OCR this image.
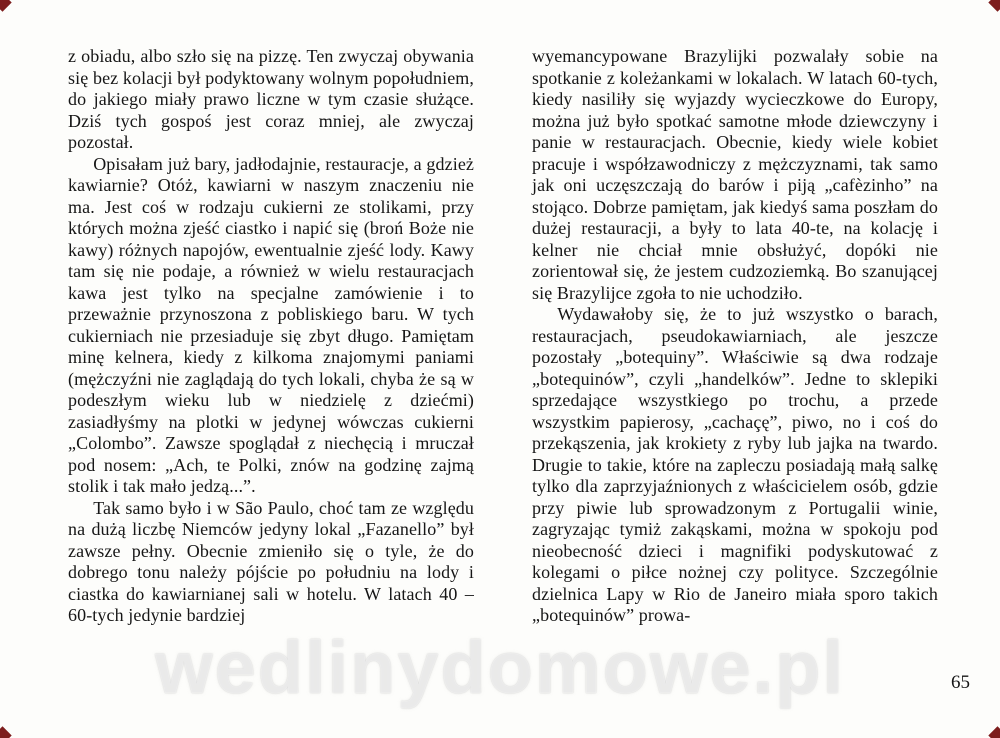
z obiadu, albo szło się na pizzę. Ten zwyczaj obywania się bez kolacji był podyktowany wolnym popołudniem, do jakiego miały prawo liczne w tym czasie służące. Dziś tych gospoś jest coraz mniej, ale zwyczaj pozostał.

Opisałam już bary, jadłodajnie, restauracje, a gdzież kawiarnie? Otóż, kawiarni w naszym znaczeniu nie ma. Jest coś w rodzaju cukierni ze stolikami, przy których można zjeść ciastko i napić się (broń Boże nie kawy) różnych napojów, ewentualnie zjeść lody. Kawy tam się nie podaje, a również w wielu restauracjach kawa jest tylko na specjalne zamówienie i to przeważnie przynoszona z pobliskiego baru. W tych cukierniach nie przesiaduje się zbyt długo. Pamiętam minę kelnera, kiedy z kilkoma znajomymi paniami (mężczyźni nie zaglądają do tych lokali, chyba że są w podeszłym wieku lub w niedzielę z dziećmi) zasiadłyśmy na plotki w jedynej wówczas cukierni „Colombo”. Zawsze spoglądał z niechęcią i mruczał pod nosem: „Ach, te Polki, znów na godzinę zajmą stolik i tak mało jedzą...”.

Tak samo było i w São Paulo, choć tam ze względu na dużą liczbę Niemców jedyny lokal „Fazanello” był zawsze pełny. Obecnie zmieniło się o tyle, że do dobrego tonu należy pójście po południu na lody i ciastka do kawiarnianej sali w hotelu. W latach 40 – 60-tych jedynie bardziej

wyemancypowane Brazylijki pozwalały sobie na spotkanie z koleżankami w lokalach. W latach 60-tych, kiedy nasiliły się wyjazdy wycieczkowe do Europy, można już było spotkać samotne młode dziewczyny i panie w restauracjach. Obecnie, kiedy wiele kobiet pracuje i współzawodniczy z mężczyznami, tak samo jak oni uczęszczają do barów i piją „cafèzinho” na stojąco. Dobrze pamiętam, jak kiedyś sama poszłam do dużej restauracji, a były to lata 40-te, na kolację i kelner nie chciał mnie obsłużyć, dopóki nie zorientował się, że jestem cudzoziemką. Bo szanującej się Brazylijce zgoła to nie uchodziło.

Wydawałoby się, że to już wszystko o barach, restauracjach, pseudokawiarniach, ale jeszcze pozostały „botequiny”. Właściwie są dwa rodzaje „botequinów”, czyli „handelków”. Jedne to sklepiki sprzedające wszystkiego po trochu, a przede wszystkim papierosy, „cachaçę”, piwo, no i coś do przekąszenia, jak krokiety z ryby lub jajka na twardo. Drugie to takie, które na zapleczu posiadają małą salkę tylko dla zaprzyjaźnionych z właścicielem osób, gdzie przy piwie lub sprowadzonym z Portugalii winie, zagryzając tymiż zakąskami, można w spokoju pod nieobecność dzieci i magnifiki podyskutować z kolegami o piłce nożnej czy polityce. Szczególnie dzielnica Lapy w Rio de Janeiro miała sporo takich „botequinów” prowa-

wedlinydomowe.pl	65
